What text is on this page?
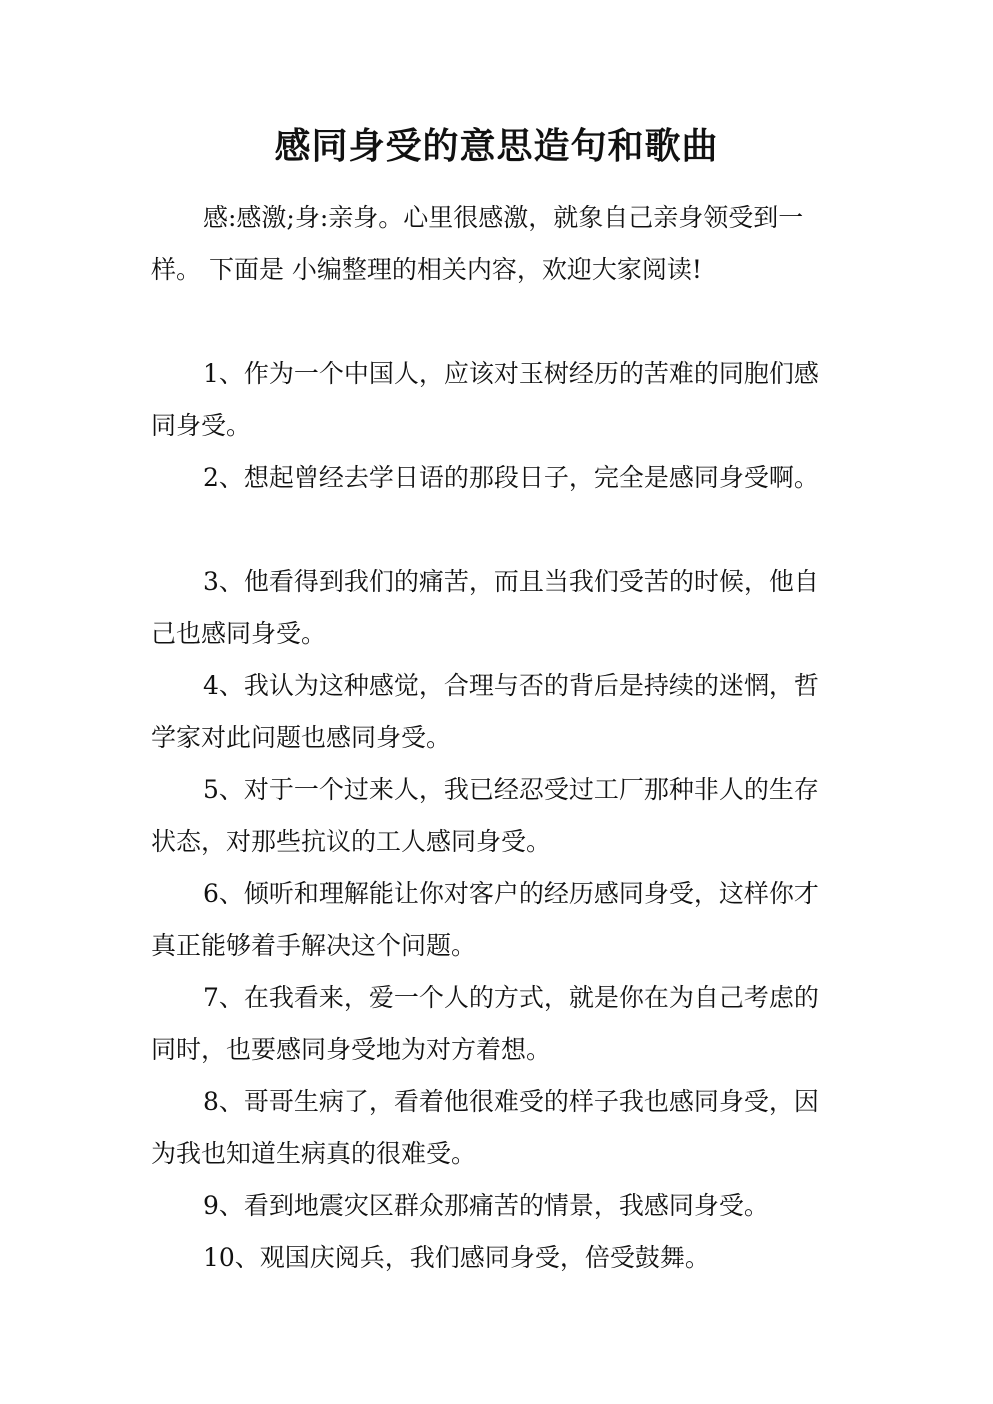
感同身受的意思造句和歌曲

感:感激;身:亲身。心里很感激，就象自己亲身领受到一样。 下面是 小编整理的相关内容，欢迎大家阅读!

1、作为一个中国人，应该对玉树经历的苦难的同胞们感同身受。

2、想起曾经去学日语的那段日子，完全是感同身受啊。

3、他看得到我们的痛苦，而且当我们受苦的时候，他自己也感同身受。

4、我认为这种感觉，合理与否的背后是持续的迷惘，哲学家对此问题也感同身受。

5、对于一个过来人，我已经忍受过工厂那种非人的生存状态，对那些抗议的工人感同身受。

6、倾听和理解能让你对客户的经历感同身受，这样你才真正能够着手解决这个问题。

7、在我看来，爱一个人的方式，就是你在为自己考虑的同时，也要感同身受地为对方着想。

8、哥哥生病了，看着他很难受的样子我也感同身受，因为我也知道生病真的很难受。

9、看到地震灾区群众那痛苦的情景，我感同身受。

10、观国庆阅兵，我们感同身受，倍受鼓舞。
